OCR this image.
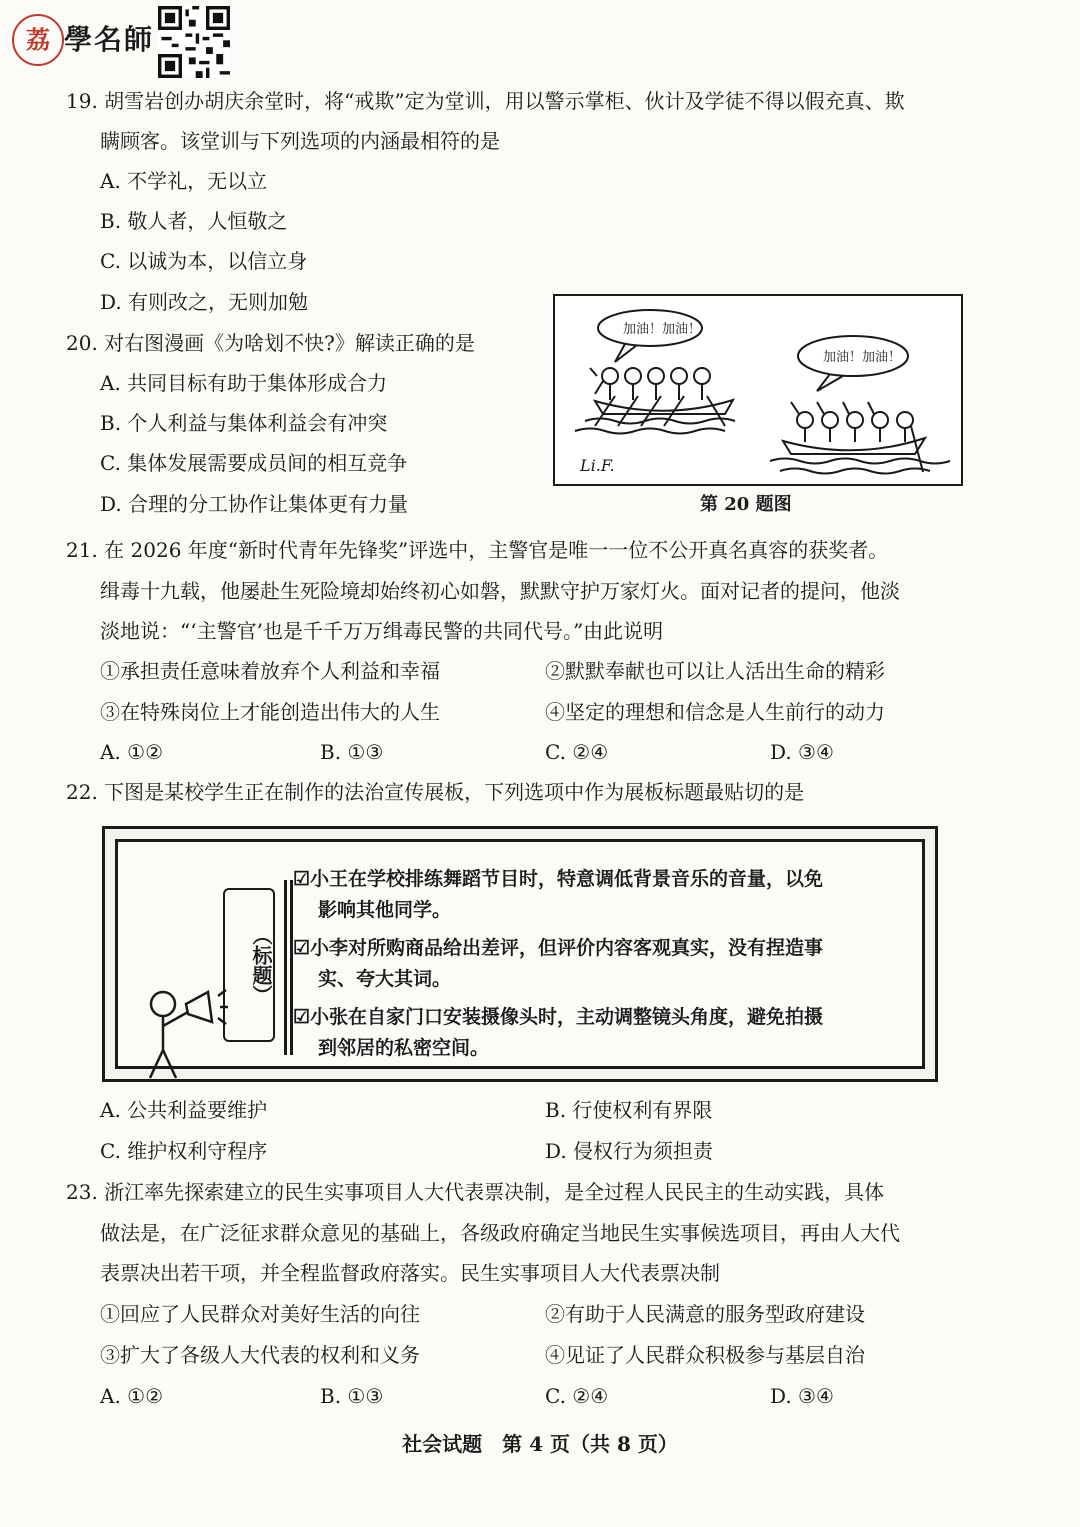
荔 學名師
19. 胡雪岩创办胡庆余堂时，将“戒欺”定为堂训，用以警示掌柜、伙计及学徒不得以假充真、欺
瞒顾客。该堂训与下列选项的内涵最相符的是
A. 不学礼，无以立
B. 敬人者，人恒敬之
C. 以诚为本，以信立身
D. 有则改之，无则加勉
20. 对右图漫画《为啥划不快?》解读正确的是
A. 共同目标有助于集体形成合力
B. 个人利益与集体利益会有冲突
C. 集体发展需要成员间的相互竞争
D. 合理的分工协作让集体更有力量
加油！加油！
加油！加油！
Li.F.
第 20 题图
21. 在 2026 年度“新时代青年先锋奖”评选中，主警官是唯一一位不公开真名真容的获奖者。
缉毒十九载，他屡赴生死险境却始终初心如磐，默默守护万家灯火。面对记者的提问，他淡
淡地说：“‘主警官’也是千千万万缉毒民警的共同代号。”由此说明
①承担责任意味着放弃个人利益和幸福	②默默奉献也可以让人活出生命的精彩
③在特殊岗位上才能创造出伟大的人生	④坚定的理想和信念是人生前行的动力
A. ①②	B. ①③	C. ②④	D. ③④
22. 下图是某校学生正在制作的法治宣传展板，下列选项中作为展板标题最贴切的是
（标题）
☑小王在学校排练舞蹈节目时，特意调低背景音乐的音量，以免
影响其他同学。
☑小李对所购商品给出差评，但评价内容客观真实，没有捏造事
实、夸大其词。
☑小张在自家门口安装摄像头时，主动调整镜头角度，避免拍摄
到邻居的私密空间。
A. 公共利益要维护	B. 行使权利有界限
C. 维护权利守程序	D. 侵权行为须担责
23. 浙江率先探索建立的民生实事项目人大代表票决制，是全过程人民民主的生动实践，具体
做法是，在广泛征求群众意见的基础上，各级政府确定当地民生实事候选项目，再由人大代
表票决出若干项，并全程监督政府落实。民生实事项目人大代表票决制
①回应了人民群众对美好生活的向往	②有助于人民满意的服务型政府建设
③扩大了各级人大代表的权利和义务	④见证了人民群众积极参与基层自治
A. ①②	B. ①③	C. ②④	D. ③④
社会试题　第 4 页（共 8 页）
